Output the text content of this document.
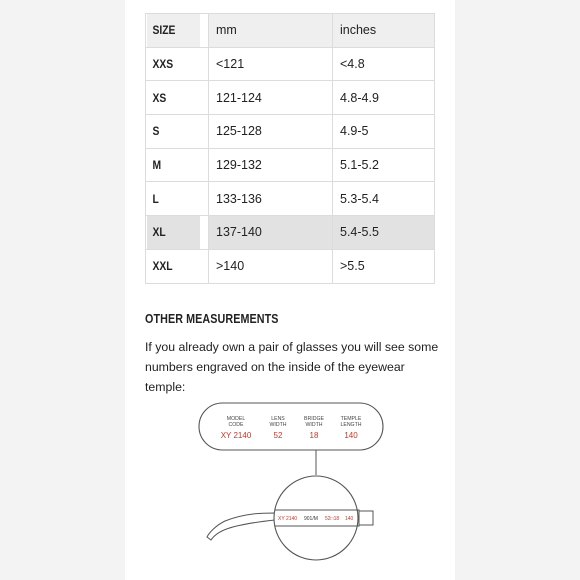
SIZE	mm	inches
XXS	<121	<4.8
XS	121-124	4.8-4.9
S	125-128	4.9-5
M	129-132	5.1-5.2
L	133-136	5.3-5.4
XL	137-140	5.4-5.5
XXL	>140	>5.5
OTHER MEASUREMENTS
If you already own a pair of glasses you will see some numbers engraved on the inside of the eyewear temple:
MODEL
CODE
LENS
WIDTH
BRIDGE
WIDTH
TEMPLE
LENGTH
XY 2140	52	18	140
XY 2140 901/M 52□18 140
